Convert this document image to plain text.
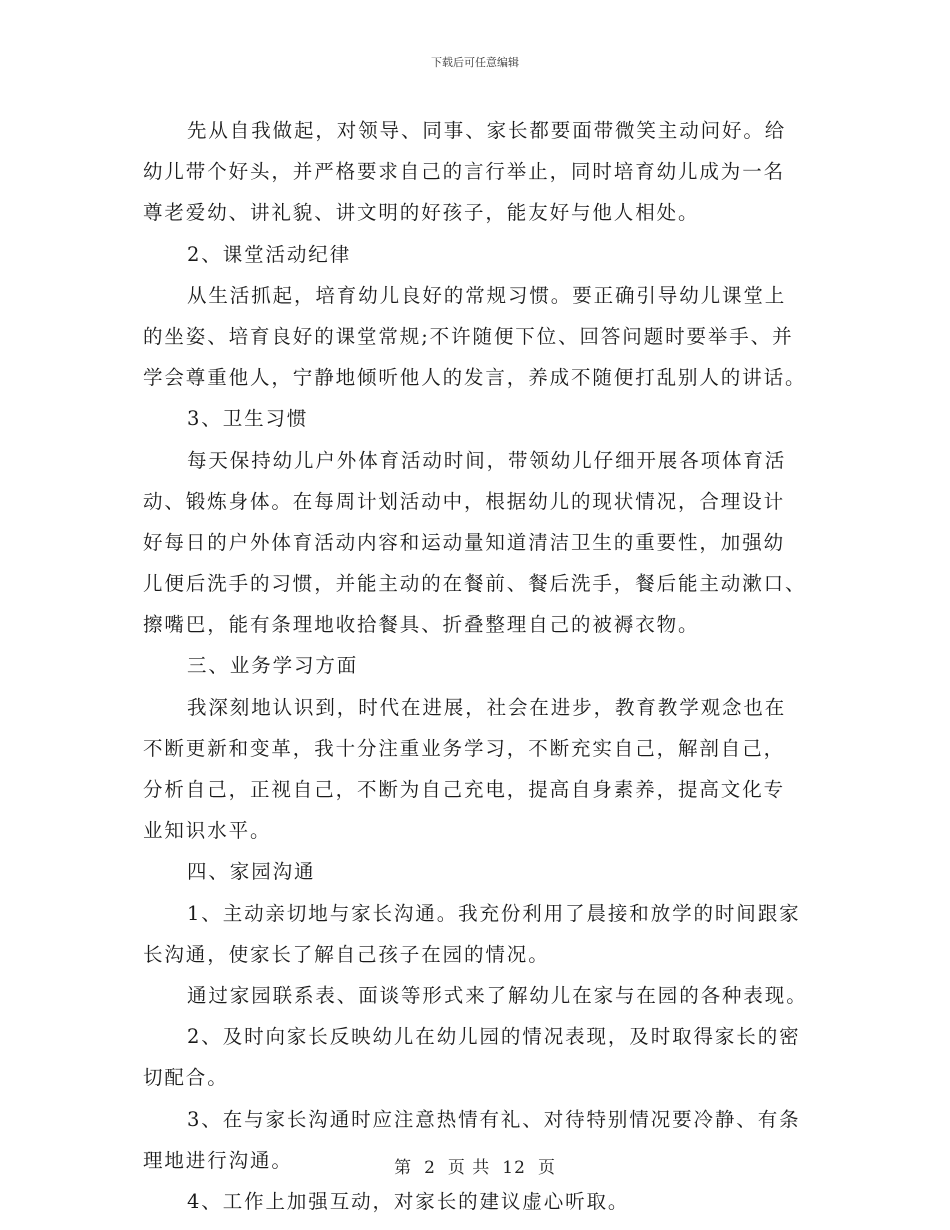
下载后可任意编辑
先从自我做起，对领导、同事、家长都要面带微笑主动问好。给
幼儿带个好头，并严格要求自己的言行举止，同时培育幼儿成为一名
尊老爱幼、讲礼貌、讲文明的好孩子，能友好与他人相处。
2、课堂活动纪律
从生活抓起，培育幼儿良好的常规习惯。要正确引导幼儿课堂上
的坐姿、培育良好的课堂常规;不许随便下位、回答问题时要举手、并
学会尊重他人，宁静地倾听他人的发言，养成不随便打乱别人的讲话。
3、卫生习惯
每天保持幼儿户外体育活动时间，带领幼儿仔细开展各项体育活
动、锻炼身体。在每周计划活动中，根据幼儿的现状情况，合理设计
好每日的户外体育活动内容和运动量知道清洁卫生的重要性，加强幼
儿便后洗手的习惯，并能主动的在餐前、餐后洗手，餐后能主动漱口、
擦嘴巴，能有条理地收拾餐具、折叠整理自己的被褥衣物。
三、业务学习方面
我深刻地认识到，时代在进展，社会在进步，教育教学观念也在
不断更新和变革，我十分注重业务学习，不断充实自己，解剖自己，
分析自己，正视自己，不断为自己充电，提高自身素养，提高文化专
业知识水平。
四、家园沟通
1、主动亲切地与家长沟通。我充份利用了晨接和放学的时间跟家
长沟通，使家长了解自己孩子在园的情况。
通过家园联系表、面谈等形式来了解幼儿在家与在园的各种表现。
2、及时向家长反映幼儿在幼儿园的情况表现，及时取得家长的密
切配合。
3、在与家长沟通时应注意热情有礼、对待特别情况要冷静、有条
理地进行沟通。
4、工作上加强互动，对家长的建议虚心听取。
第 2 页 共 12 页
